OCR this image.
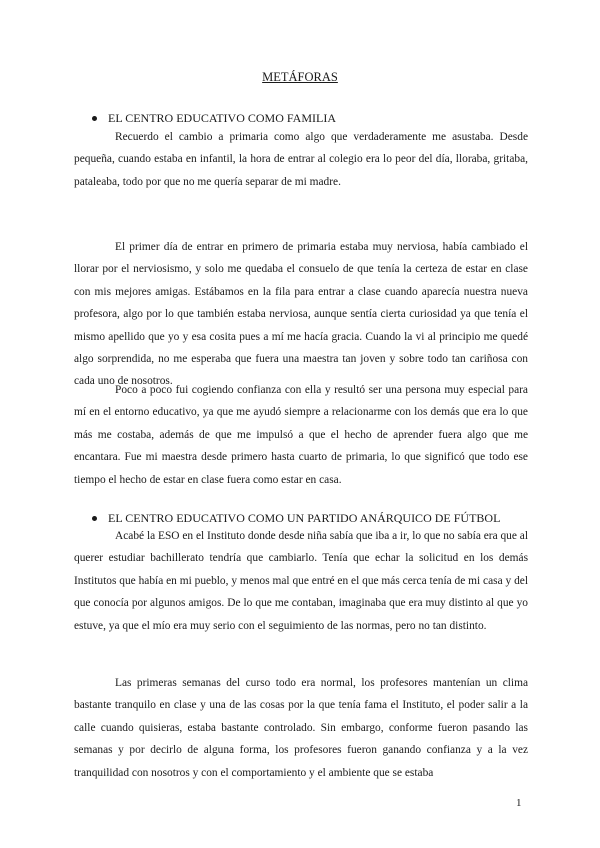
METÁFORAS
EL CENTRO EDUCATIVO COMO FAMILIA

Recuerdo el cambio a primaria como algo que verdaderamente me asustaba. Desde pequeña, cuando estaba en infantil, la hora de entrar al colegio era lo peor del día, lloraba, gritaba, pataleaba, todo por que no me quería separar de mi madre.

El primer día de entrar en primero de primaria estaba muy nerviosa, había cambiado el llorar por el nerviosismo, y solo me quedaba el consuelo de que tenía la certeza de estar en clase con mis mejores amigas. Estábamos en la fila para entrar a clase cuando aparecía nuestra nueva profesora, algo por lo que también estaba nerviosa, aunque sentía cierta curiosidad ya que tenía el mismo apellido que yo y esa cosita pues a mí me hacía gracia. Cuando la vi al principio me quedé algo sorprendida, no me esperaba que fuera una maestra tan joven y sobre todo tan cariñosa con cada uno de nosotros.

Poco a poco fui cogiendo confianza con ella y resultó ser una persona muy especial para mí en el entorno educativo, ya que me ayudó siempre a relacionarme con los demás que era lo que más me costaba, además de que me impulsó a que el hecho de aprender fuera algo que me encantara. Fue mi maestra desde primero hasta cuarto de primaria, lo que significó que todo ese tiempo el hecho de estar en clase fuera como estar en casa.

EL CENTRO EDUCATIVO COMO UN PARTIDO ANÁRQUICO DE FÚTBOL

Acabé la ESO en el Instituto donde desde niña sabía que iba a ir, lo que no sabía era que al querer estudiar bachillerato tendría que cambiarlo. Tenía que echar la solicitud en los demás Institutos que había en mi pueblo, y menos mal que entré en el que más cerca tenía de mi casa y del que conocía por algunos amigos. De lo que me contaban, imaginaba que era muy distinto al que yo estuve, ya que el mío era muy serio con el seguimiento de las normas, pero no tan distinto.

Las primeras semanas del curso todo era normal, los profesores mantenían un clima bastante tranquilo en clase y una de las cosas por la que tenía fama el Instituto, el poder salir a la calle cuando quisieras, estaba bastante controlado. Sin embargo, conforme fueron pasando las semanas y por decirlo de alguna forma, los profesores fueron ganando confianza y a la vez tranquilidad con nosotros y con el comportamiento y el ambiente que se estaba

1
